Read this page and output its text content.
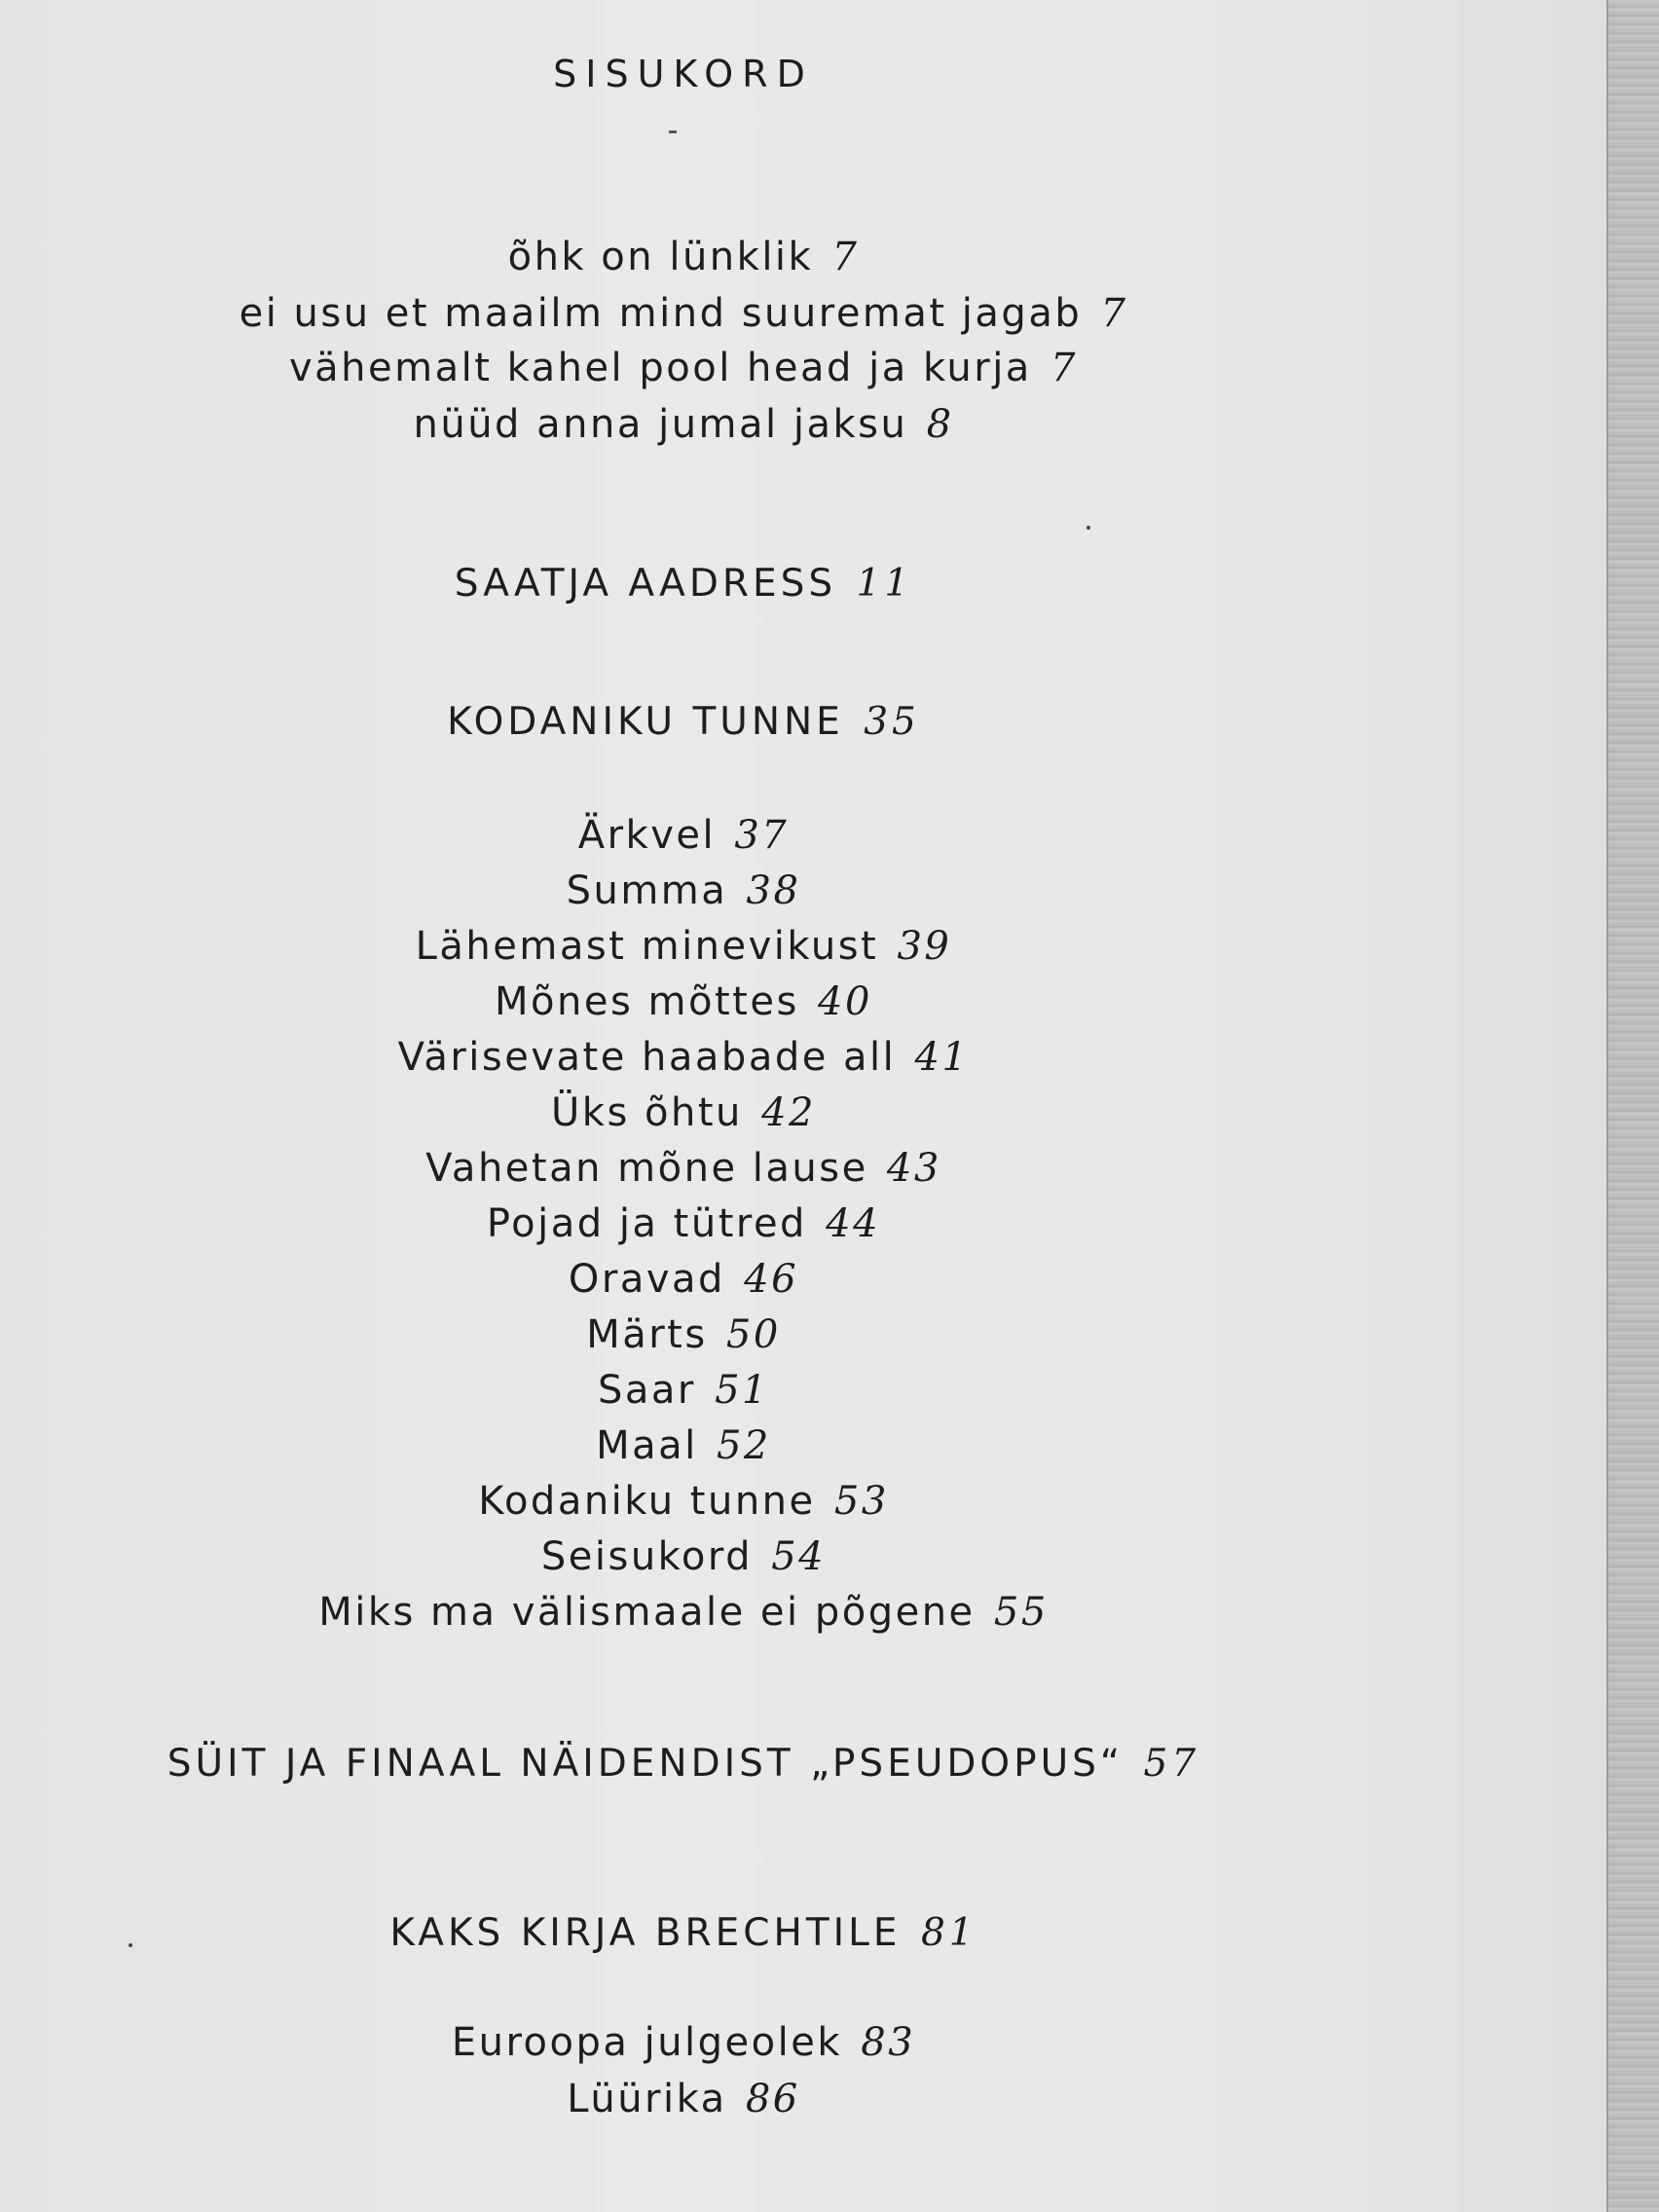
SISUKORD
õhk on lünklik 7
ei usu et maailm mind suuremat jagab 7
vähemalt kahel pool head ja kurja 7
nüüd anna jumal jaksu 8
SAATJA AADRESS 11
KODANIKU TUNNE 35
Ärkvel 37
Summa 38
Lähemast minevikust 39
Mõnes mõttes 40
Värisevate haabade all 41
Üks õhtu 42
Vahetan mõne lause 43
Pojad ja tütred 44
Oravad 46
Märts 50
Saar 51
Maal 52
Kodaniku tunne 53
Seisukord 54
Miks ma välismaale ei põgene 55
SÜIT JA FINAAL NÄIDENDIST „PSEUDOPUS“ 57
KAKS KIRJA BRECHTILE 81
Euroopa julgeolek 83
Lüürika 86
